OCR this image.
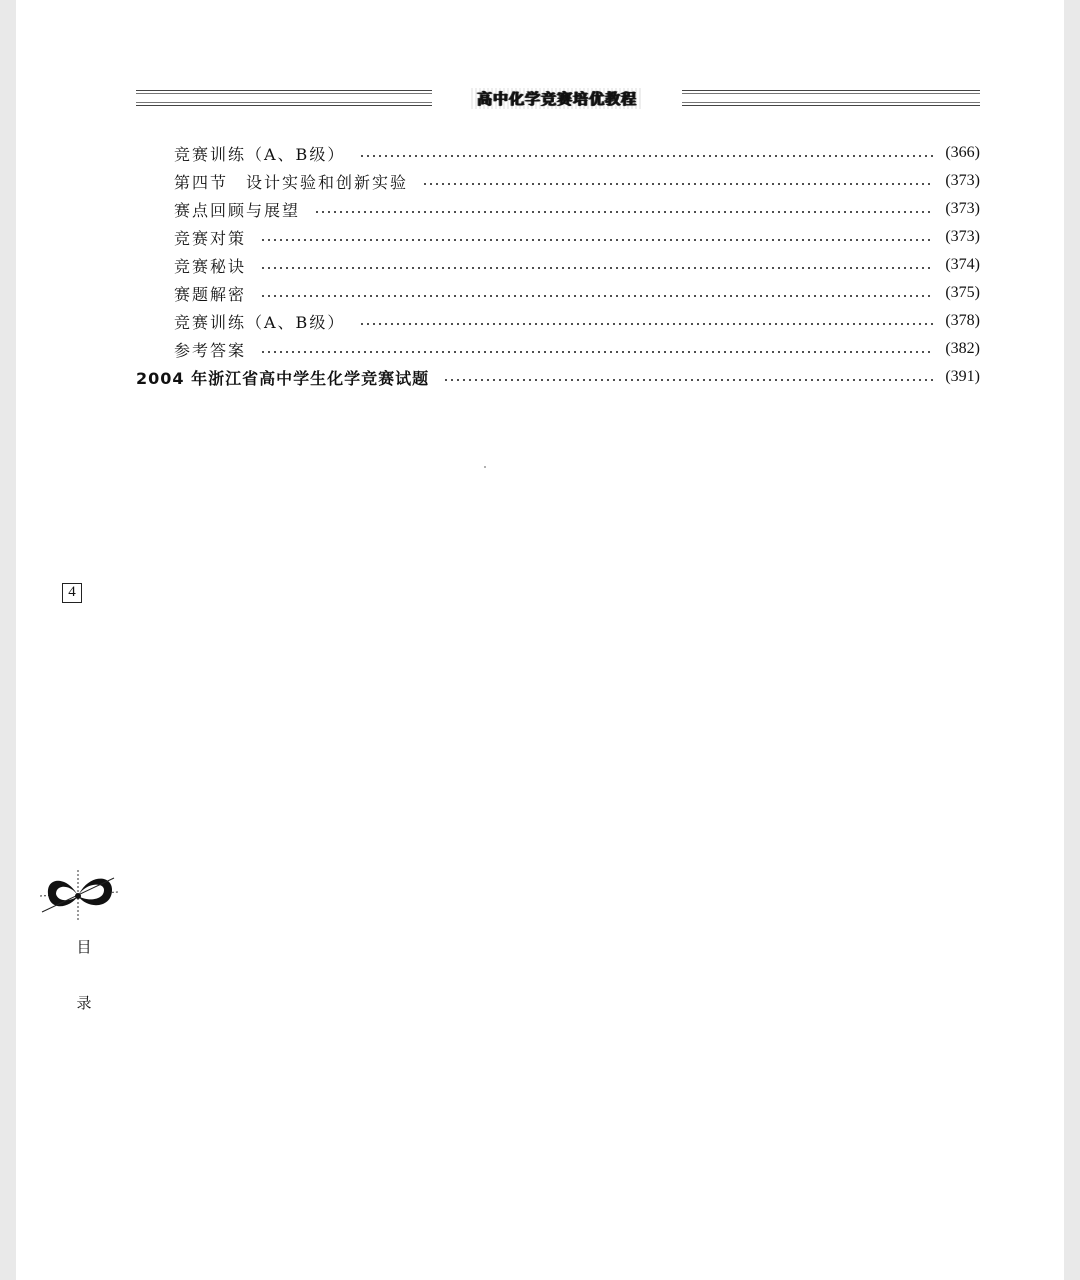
高中化学竞赛培优教程
竞赛训练（A、B级）	(366)
第四节　设计实验和创新实验	(373)
赛点回顾与展望	(373)
竞赛对策	(373)
竞赛秘诀	(374)
赛题解密	(375)
竞赛训练（A、B级）	(378)
参考答案	(382)
2004 年浙江省高中学生化学竞赛试题	(391)
4
目
录
